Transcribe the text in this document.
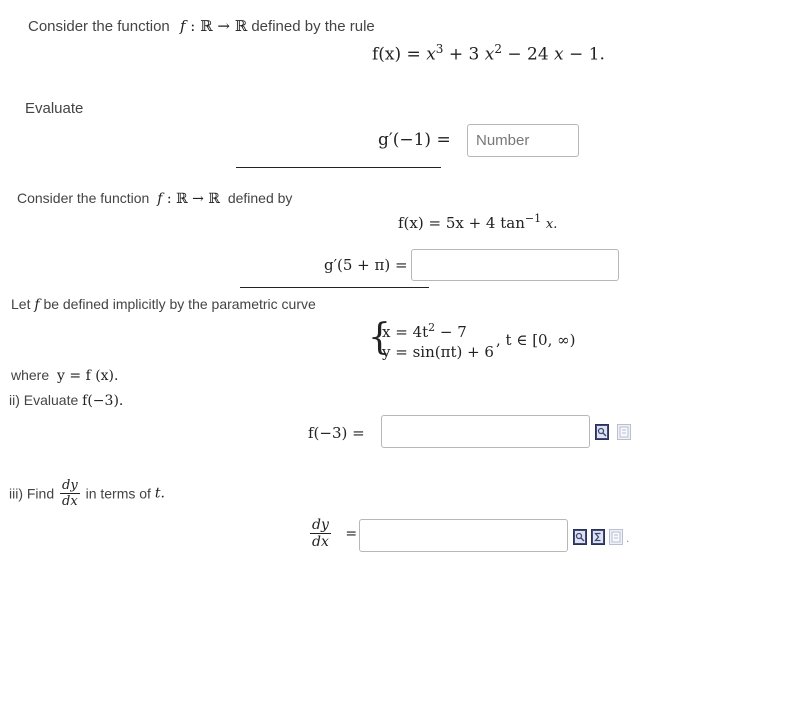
Consider the function f : ℝ → ℝ defined by the rule
$f(x) = x^3 + 3$ $x^2 - 24$ x − 1.
Evaluate
g′(−1) =
Number
Consider the function f : ℝ → ℝ defined by
f(x) = 5x + 4 $\tan^{-1} x$.
g′(5 + π) =
Let f be defined implicitly by the parametric curve
{
$x = 4t^2 - 7$
y = sin(πt) + 6
, t ∈ [0, ∞)
where y = f (x).
ii) Evaluate f(−3).
f(−3) =
iii) Find $\frac{dy}{dx}$ in terms of t.
$\frac{dy}{dx}$ =	.
